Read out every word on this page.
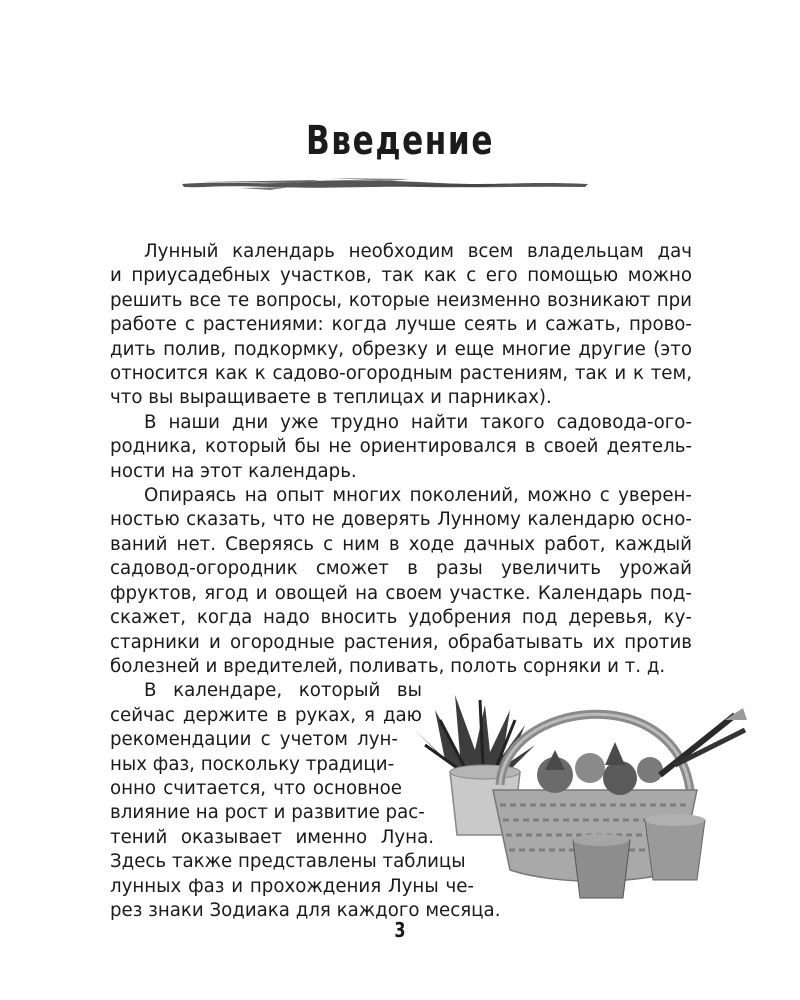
Введение
Лунный календарь необходим всем владельцам дач
и приусадебных участков, так как с его помощью можно
решить все те вопросы, которые неизменно возникают при
работе с растениями: когда лучше сеять и сажать, прово-
дить полив, подкормку, обрезку и еще многие другие (это
относится как к садово-огородным растениям, так и к тем,
что вы выращиваете в теплицах и парниках).
В наши дни уже трудно найти такого садовода-ого-
родника, который бы не ориентировался в своей деятель-
ности на этот календарь.
Опираясь на опыт многих поколений, можно с уверен-
ностью сказать, что не доверять Лунному календарю осно-
ваний нет. Сверяясь с ним в ходе дачных работ, каждый
садовод-огородник сможет в разы увеличить урожай
фруктов, ягод и овощей на своем участке. Календарь под-
скажет, когда надо вносить удобрения под деревья, ку-
старники и огородные растения, обрабатывать их против
болезней и вредителей, поливать, полоть сорняки и т. д.
В календаре, который вы
сейчас держите в руках, я даю
рекомендации с учетом лун-
ных фаз, поскольку традици-
онно считается, что основное
влияние на рост и развитие рас-
тений оказывает именно Луна.
Здесь также представлены таблицы
лунных фаз и прохождения Луны че-
рез знаки Зодиака для каждого месяца.
3
